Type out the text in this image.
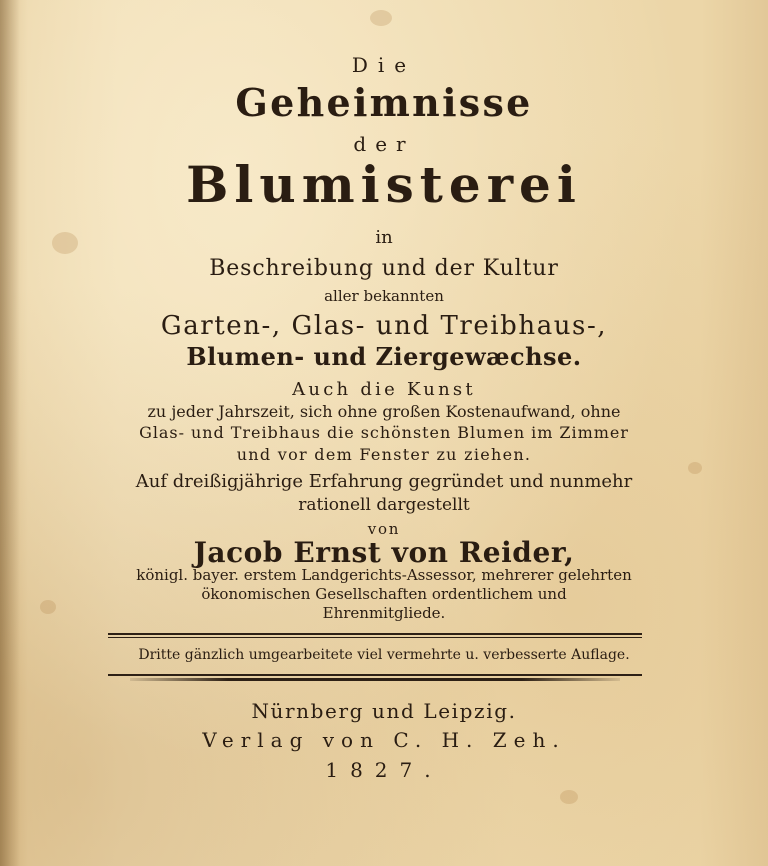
Die
Geheimnisse
der
Blumisterei
in
Beschreibung und der Kultur
aller bekannten
Garten-, Glas- und Treibhaus-,
Blumen- und Ziergewæchse.
Auch die Kunst
zu jeder Jahrszeit, sich ohne großen Kostenaufwand, ohne
Glas- und Treibhaus die schönsten Blumen im Zimmer
und vor dem Fenster zu ziehen.
Auf dreißigjährige Erfahrung gegründet und nunmehr
rationell dargestellt
von
Jacob Ernst von Reider,
königl. bayer. erstem Landgerichts-Assessor, mehrerer gelehrten
ökonomischen Gesellschaften ordentlichem und
Ehrenmitgliede.
Dritte gänzlich umgearbeitete viel vermehrte u. verbesserte Auflage.
Nürnberg und Leipzig.
Verlag von C. H. Zeh.
1827.
